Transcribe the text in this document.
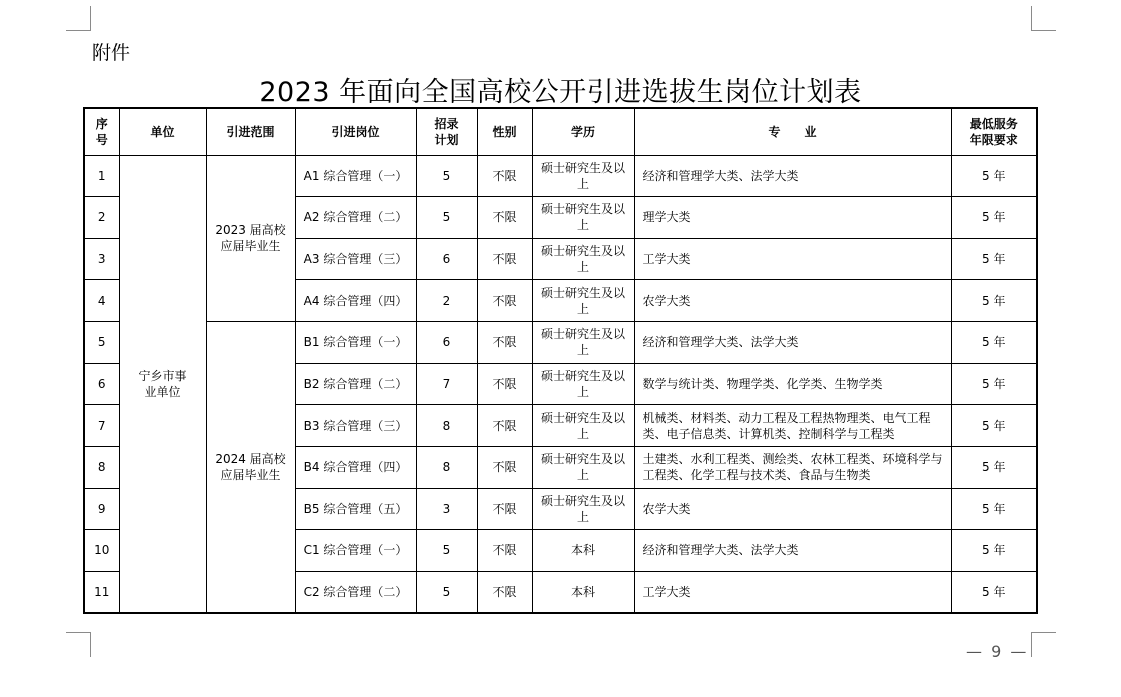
附件
2023 年面向全国高校公开引进选拔生岗位计划表
序号	单位	引进范围	引进岗位	招录计划	性别	学历	专　　业	最低服务年限要求
1	宁乡市事业单位	2023 届高校应届毕业生	A1 综合管理（一）	5	不限	硕士研究生及以上	经济和管理学大类、法学大类	5 年
2			A2 综合管理（二）	5	不限	硕士研究生及以上	理学大类	5 年
3			A3 综合管理（三）	6	不限	硕士研究生及以上	工学大类	5 年
4			A4 综合管理（四）	2	不限	硕士研究生及以上	农学大类	5 年
5		2024 届高校应届毕业生	B1 综合管理（一）	6	不限	硕士研究生及以上	经济和管理学大类、法学大类	5 年
6			B2 综合管理（二）	7	不限	硕士研究生及以上	数学与统计类、物理学类、化学类、生物学类	5 年
7			B3 综合管理（三）	8	不限	硕士研究生及以上	机械类、材料类、动力工程及工程热物理类、电气工程类、电子信息类、计算机类、控制科学与工程类	5 年
8			B4 综合管理（四）	8	不限	硕士研究生及以上	土建类、水利工程类、测绘类、农林工程类、环境科学与工程类、化学工程与技术类、食品与生物类	5 年
9			B5 综合管理（五）	3	不限	硕士研究生及以上	农学大类	5 年
10			C1 综合管理（一）	5	不限	本科	经济和管理学大类、法学大类	5 年
11			C2 综合管理（二）	5	不限	本科	工学大类	5 年
— 9 —
